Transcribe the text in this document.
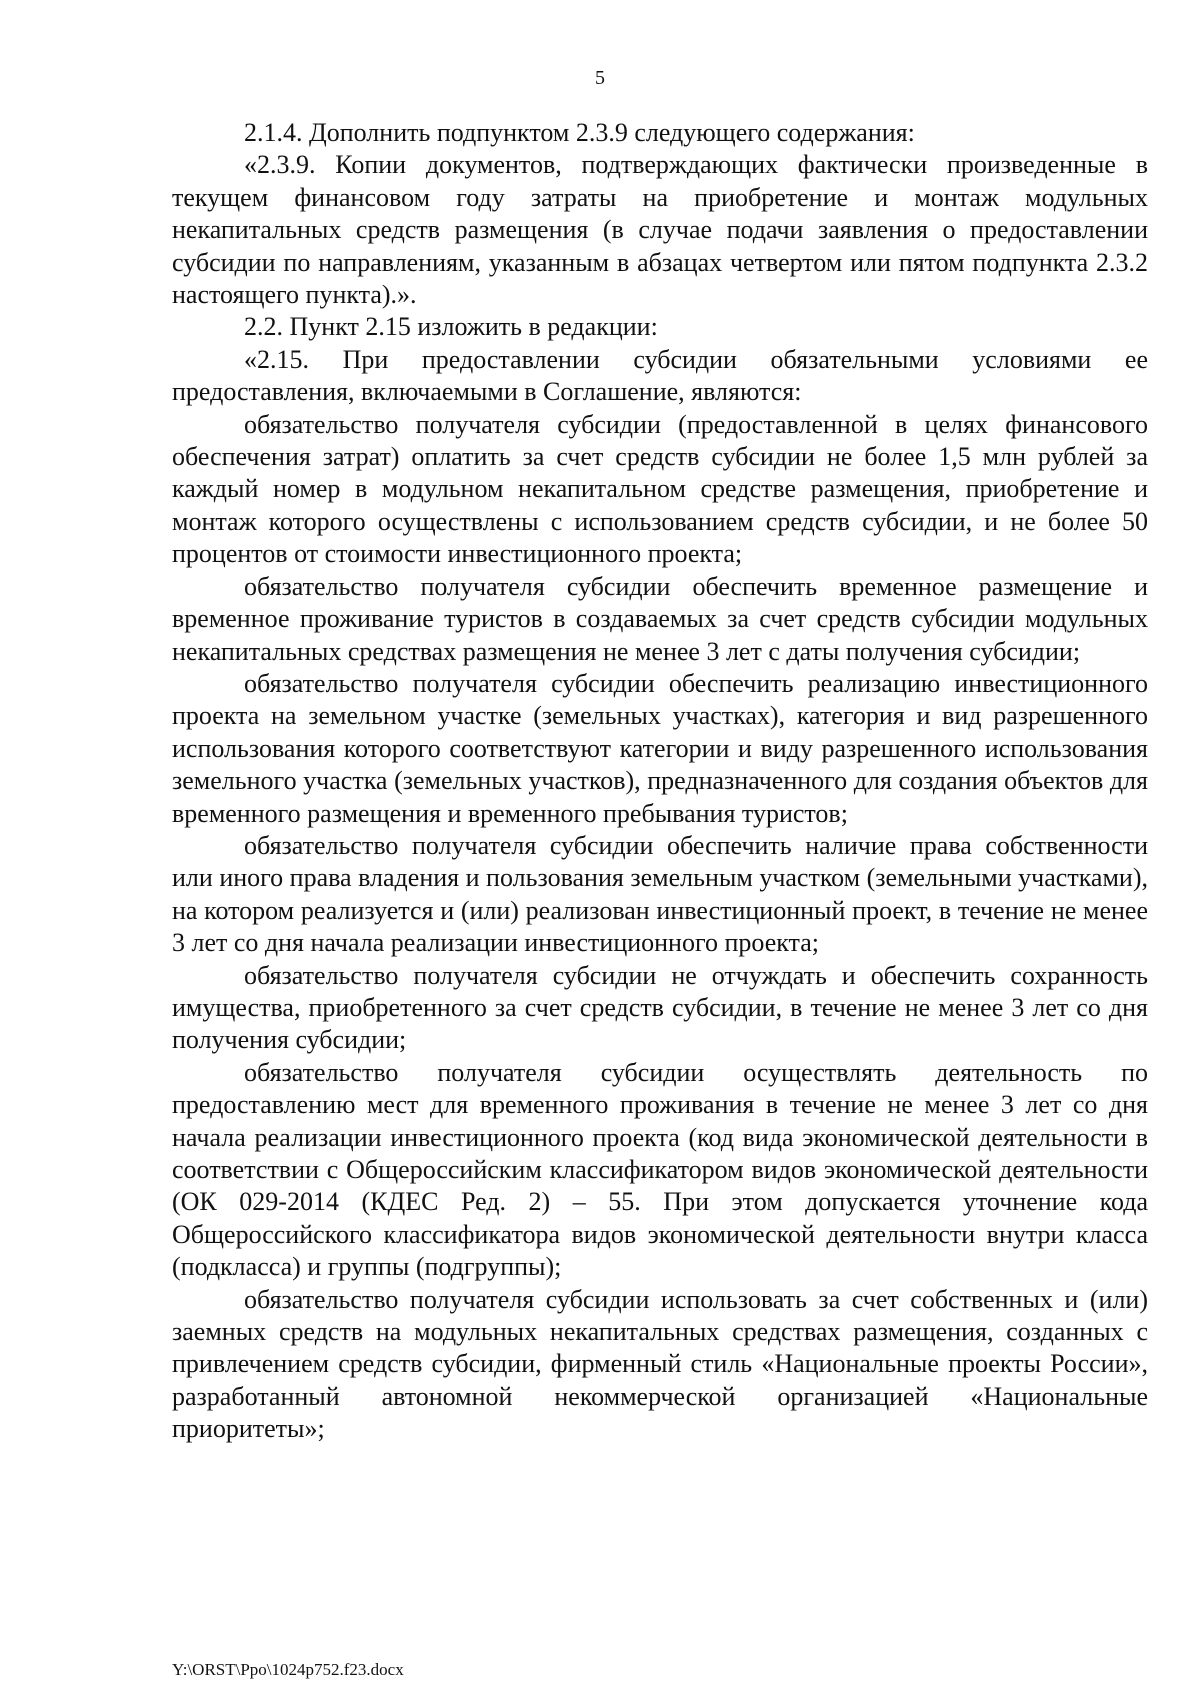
5

2.1.4. Дополнить подпунктом 2.3.9 следующего содержания:

«2.3.9. Копии документов, подтверждающих фактически произведенные в текущем финансовом году затраты на приобретение и монтаж модульных некапитальных средств размещения (в случае подачи заявления о предоставлении субсидии по направлениям, указанным в абзацах четвертом или пятом подпункта 2.3.2 настоящего пункта).».

2.2. Пункт 2.15 изложить в редакции:

«2.15. При предоставлении субсидии обязательными условиями ее предоставления, включаемыми в Соглашение, являются:

обязательство получателя субсидии (предоставленной в целях финансового обеспечения затрат) оплатить за счет средств субсидии не более 1,5 млн рублей за каждый номер в модульном некапитальном средстве размещения, приобретение и монтаж которого осуществлены с использованием средств субсидии, и не более 50 процентов от стоимости инвестиционного проекта;

обязательство получателя субсидии обеспечить временное размещение и временное проживание туристов в создаваемых за счет средств субсидии модульных некапитальных средствах размещения не менее 3 лет с даты получения субсидии;

обязательство получателя субсидии обеспечить реализацию инвестиционного проекта на земельном участке (земельных участках), категория и вид разрешенного использования которого соответствуют категории и виду разрешенного использования земельного участка (земельных участков), предназначенного для создания объектов для временного размещения и временного пребывания туристов;

обязательство получателя субсидии обеспечить наличие права собственности или иного права владения и пользования земельным участком (земельными участками), на котором реализуется и (или) реализован инвестиционный проект, в течение не менее 3 лет со дня начала реализации инвестиционного проекта;

обязательство получателя субсидии не отчуждать и обеспечить сохранность имущества, приобретенного за счет средств субсидии, в течение не менее 3 лет со дня получения субсидии;

обязательство получателя субсидии осуществлять деятельность по предоставлению мест для временного проживания в течение не менее 3 лет со дня начала реализации инвестиционного проекта (код вида экономической деятельности в соответствии с Общероссийским классификатором видов экономической деятельности (ОК 029-2014 (КДЕС Ред. 2) – 55. При этом допускается уточнение кода Общероссийского классификатора видов экономической деятельности внутри класса (подкласса) и группы (подгруппы);

обязательство получателя субсидии использовать за счет собственных и (или) заемных средств на модульных некапитальных средствах размещения, созданных с привлечением средств субсидии, фирменный стиль «Национальные проекты России», разработанный автономной некоммерческой организацией «Национальные приоритеты»;

Y:\ORST\Ppo\1024p752.f23.docx
